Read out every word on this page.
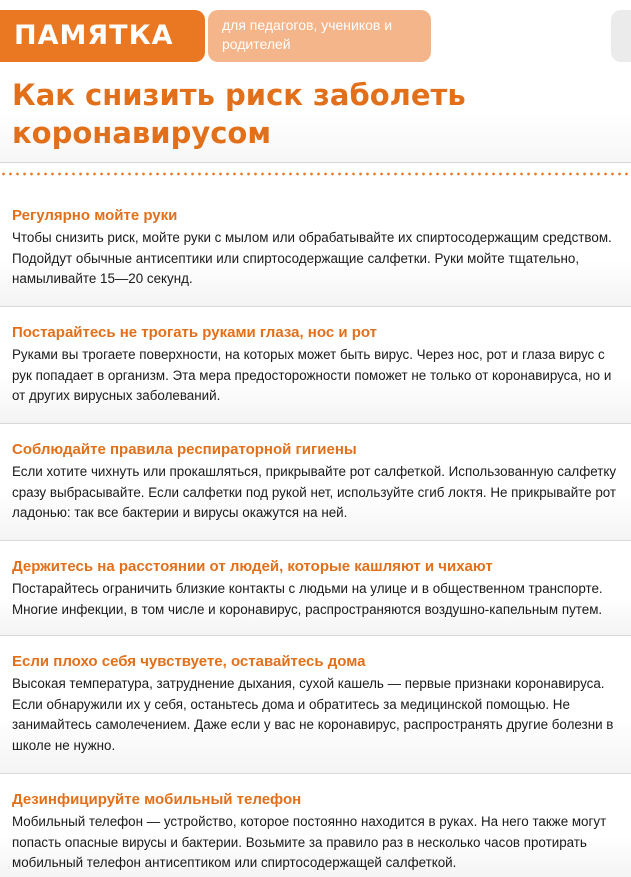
ПАМЯТКА	для педагогов, учеников и родителей
Как снизить риск заболеть коронавирусом
Регулярно мойте руки

Чтобы снизить риск, мойте руки с мылом или обрабатывайте их спиртосодержащим средством. Подойдут обычные антисептики или спиртосодержащие салфетки. Руки мойте тщательно, намыливайте 15—20 секунд.

Постарайтесь не трогать руками глаза, нос и рот

Руками вы трогаете поверхности, на которых может быть вирус. Через нос, рот и глаза вирус с рук попадает в организм. Эта мера предосторожности поможет не только от коронавируса, но и от других вирусных заболеваний.

Соблюдайте правила респираторной гигиены

Если хотите чихнуть или прокашляться, прикрывайте рот салфеткой. Использованную салфетку сразу выбрасывайте. Если салфетки под рукой нет, используйте сгиб локтя. Не прикрывайте рот ладонью: так все бактерии и вирусы окажутся на ней.

Держитесь на расстоянии от людей, которые кашляют и чихают

Постарайтесь ограничить близкие контакты с людьми на улице и в общественном транспорте. Многие инфекции, в том числе и коронавирус, распространяются воздушно-капельным путем.

Если плохо себя чувствуете, оставайтесь дома

Высокая температура, затруднение дыхания, сухой кашель — первые признаки коронавируса. Если обнаружили их у себя, останьтесь дома и обратитесь за медицинской помощью. Не занимайтесь самолечением. Даже если у вас не коронавирус, распространять другие болезни в школе не нужно.

Дезинфицируйте мобильный телефон

Мобильный телефон — устройство, которое постоянно находится в руках. На него также могут попасть опасные вирусы и бактерии. Возьмите за правило раз в несколько часов протирать мобильный телефон антисептиком или спиртосодержащей салфеткой.
